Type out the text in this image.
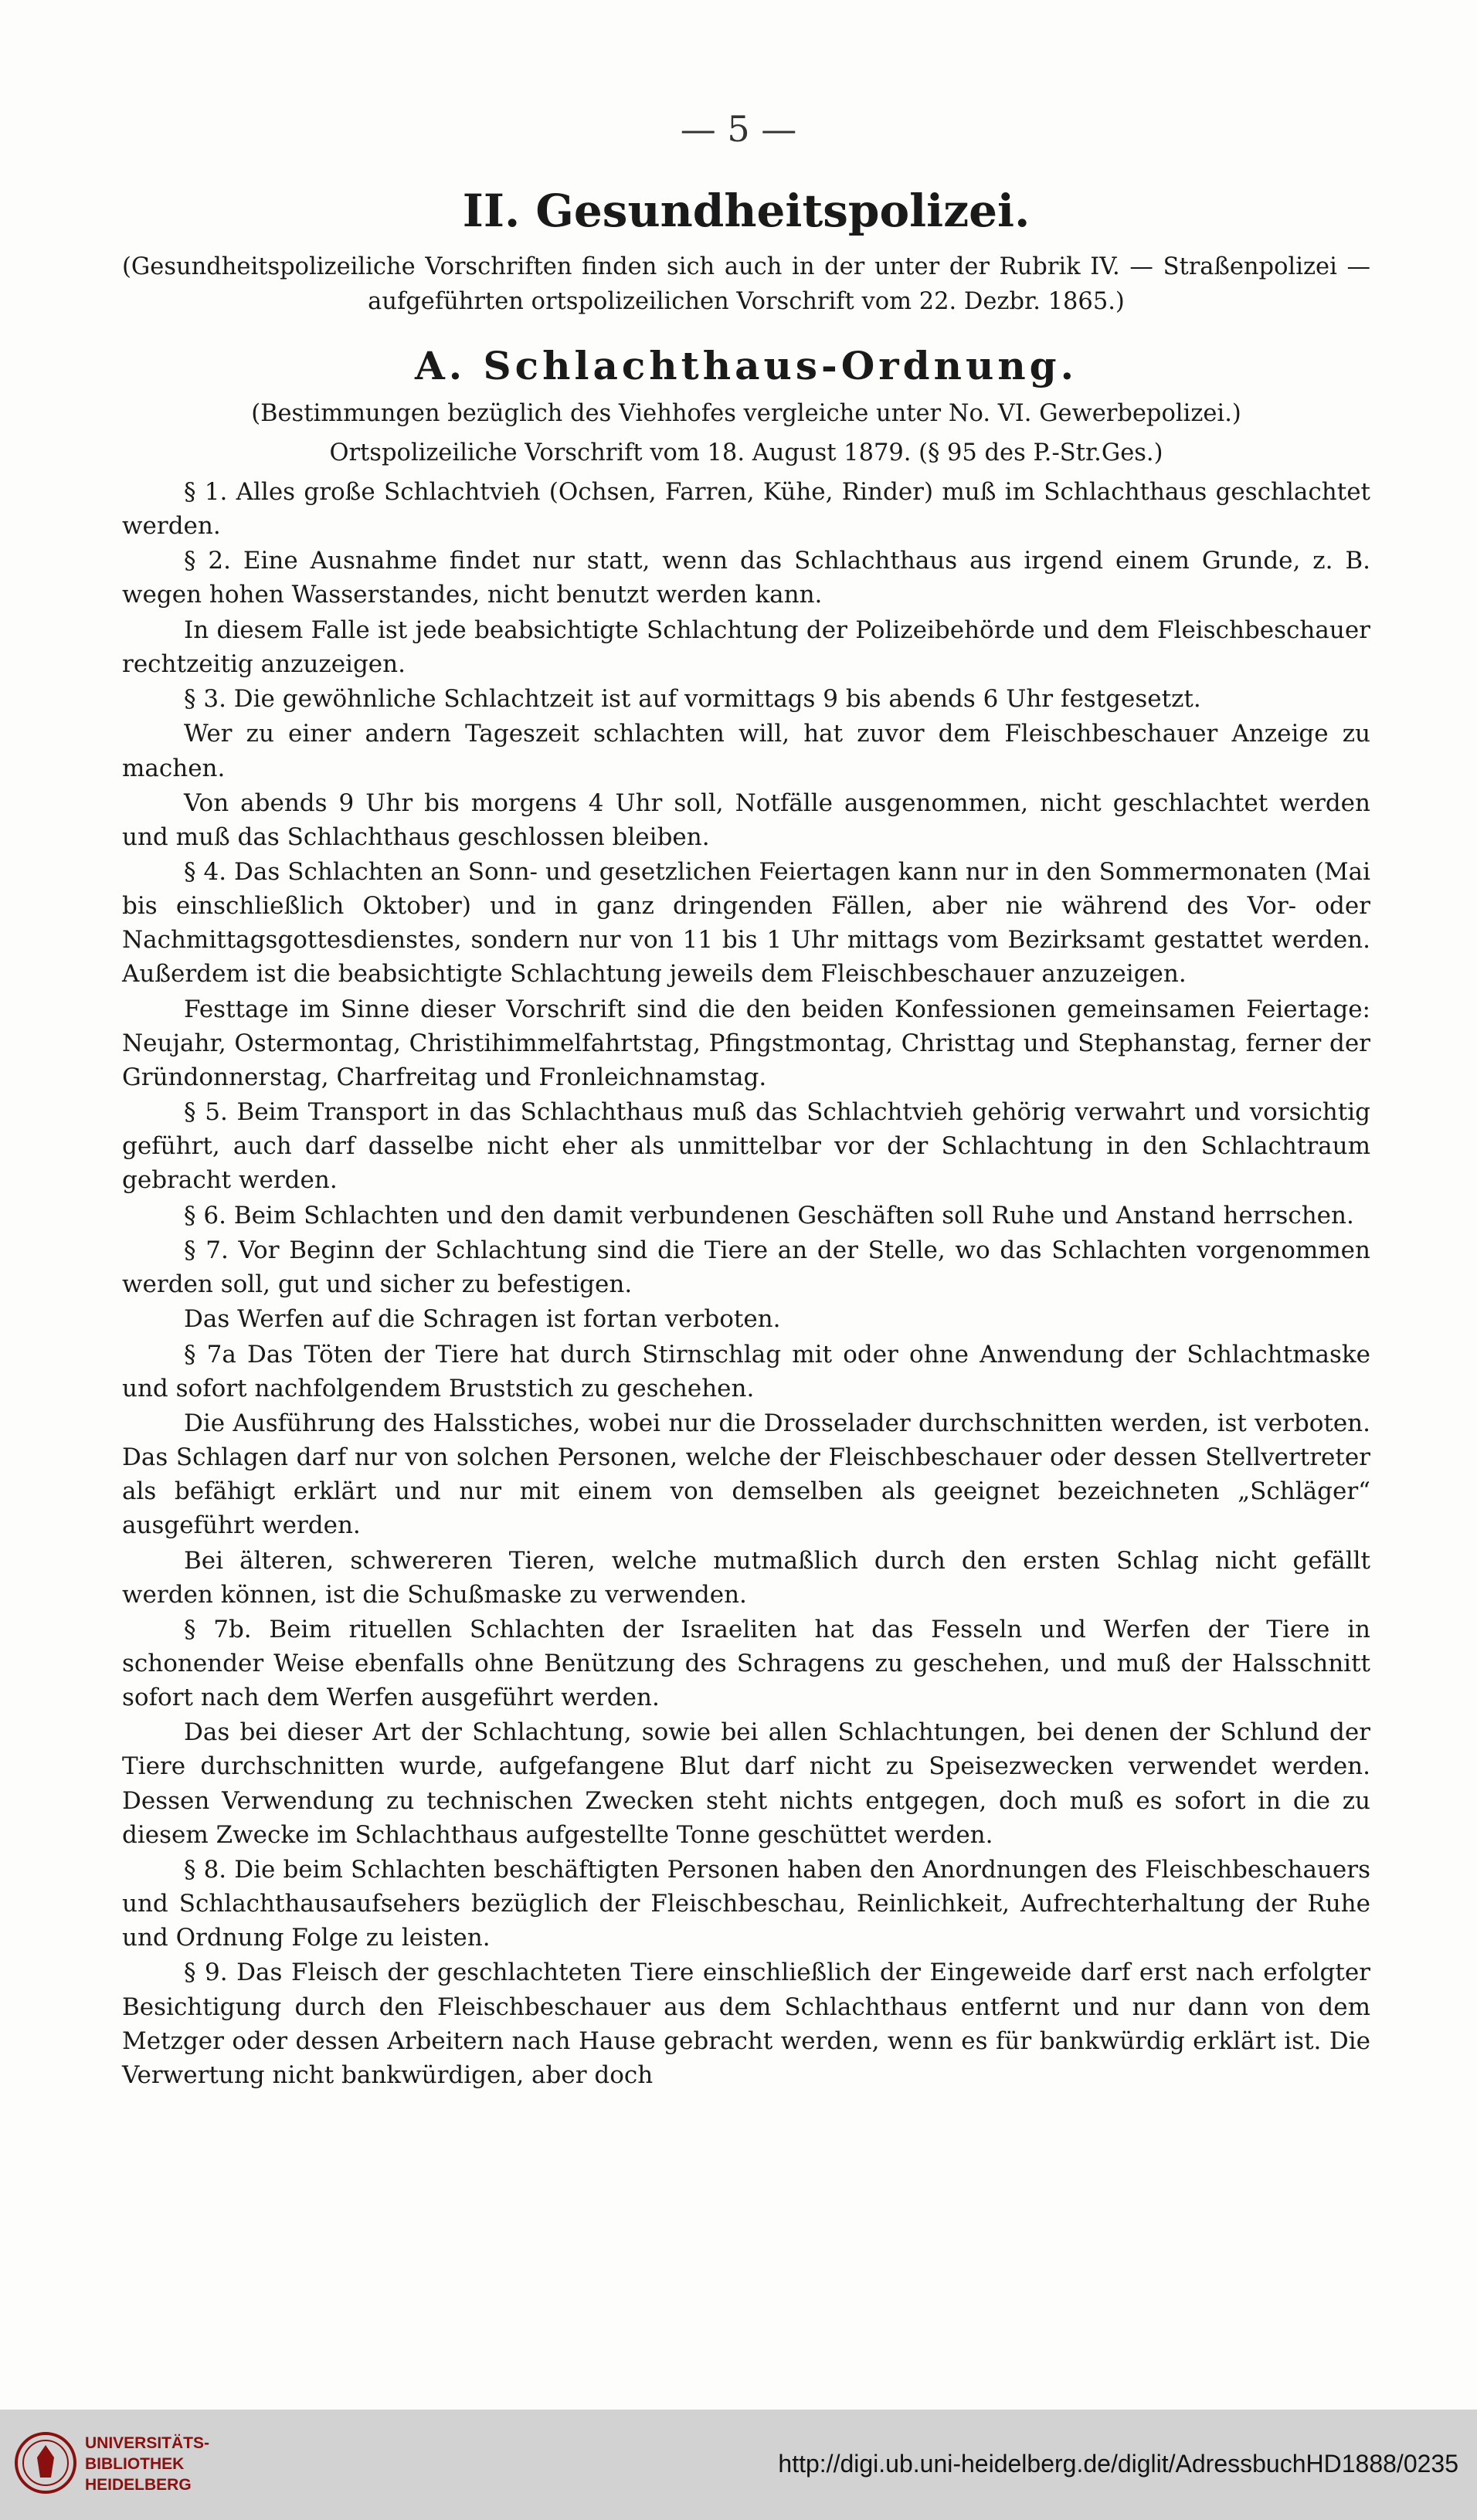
— 5 —
II. Gesundheitspolizei.

(Gesundheitspolizeiliche Vorschriften finden sich auch in der unter der Rubrik IV. — Straßenpolizei — aufgeführten ortspolizeilichen Vorschrift vom 22. Dezbr. 1865.)

A. Schlachthaus-Ordnung.
(Bestimmungen bezüglich des Viehhofes vergleiche unter No. VI. Gewerbepolizei.)
Ortspolizeiliche Vorschrift vom 18. August 1879. (§ 95 des P.-Str.Ges.)

§ 1. Alles große Schlachtvieh (Ochsen, Farren, Kühe, Rinder) muß im Schlachthaus geschlachtet werden.

§ 2. Eine Ausnahme findet nur statt, wenn das Schlachthaus aus irgend einem Grunde, z. B. wegen hohen Wasserstandes, nicht benutzt werden kann.

In diesem Falle ist jede beabsichtigte Schlachtung der Polizeibehörde und dem Fleischbeschauer rechtzeitig anzuzeigen.

§ 3. Die gewöhnliche Schlachtzeit ist auf vormittags 9 bis abends 6 Uhr festgesetzt.

Wer zu einer andern Tageszeit schlachten will, hat zuvor dem Fleischbeschauer Anzeige zu machen.

Von abends 9 Uhr bis morgens 4 Uhr soll, Notfälle ausgenommen, nicht geschlachtet werden und muß das Schlachthaus geschlossen bleiben.

§ 4. Das Schlachten an Sonn- und gesetzlichen Feiertagen kann nur in den Sommermonaten (Mai bis einschließlich Oktober) und in ganz dringenden Fällen, aber nie während des Vor- oder Nachmittagsgottesdienstes, sondern nur von 11 bis 1 Uhr mittags vom Bezirksamt gestattet werden. Außerdem ist die beabsichtigte Schlachtung jeweils dem Fleischbeschauer anzuzeigen.

Festtage im Sinne dieser Vorschrift sind die den beiden Konfessionen gemeinsamen Feiertage: Neujahr, Ostermontag, Christihimmelfahrtstag, Pfingstmontag, Christtag und Stephanstag, ferner der Gründonnerstag, Charfreitag und Fronleichnamstag.

§ 5. Beim Transport in das Schlachthaus muß das Schlachtvieh gehörig verwahrt und vorsichtig geführt, auch darf dasselbe nicht eher als unmittelbar vor der Schlachtung in den Schlachtraum gebracht werden.

§ 6. Beim Schlachten und den damit verbundenen Geschäften soll Ruhe und Anstand herrschen.

§ 7. Vor Beginn der Schlachtung sind die Tiere an der Stelle, wo das Schlachten vorgenommen werden soll, gut und sicher zu befestigen.

Das Werfen auf die Schragen ist fortan verboten.

§ 7a Das Töten der Tiere hat durch Stirnschlag mit oder ohne Anwendung der Schlachtmaske und sofort nachfolgendem Bruststich zu geschehen.

Die Ausführung des Halsstiches, wobei nur die Drosselader durchschnitten werden, ist verboten. Das Schlagen darf nur von solchen Personen, welche der Fleischbeschauer oder dessen Stellvertreter als befähigt erklärt und nur mit einem von demselben als geeignet bezeichneten „Schläger“ ausgeführt werden.

Bei älteren, schwereren Tieren, welche mutmaßlich durch den ersten Schlag nicht gefällt werden können, ist die Schußmaske zu verwenden.

§ 7b. Beim rituellen Schlachten der Israeliten hat das Fesseln und Werfen der Tiere in schonender Weise ebenfalls ohne Benützung des Schragens zu geschehen, und muß der Halsschnitt sofort nach dem Werfen ausgeführt werden.

Das bei dieser Art der Schlachtung, sowie bei allen Schlachtungen, bei denen der Schlund der Tiere durchschnitten wurde, aufgefangene Blut darf nicht zu Speisezwecken verwendet werden. Dessen Verwendung zu technischen Zwecken steht nichts entgegen, doch muß es sofort in die zu diesem Zwecke im Schlachthaus aufgestellte Tonne geschüttet werden.

§ 8. Die beim Schlachten beschäftigten Personen haben den Anordnungen des Fleischbeschauers und Schlachthausaufsehers bezüglich der Fleischbeschau, Reinlichkeit, Aufrechterhaltung der Ruhe und Ordnung Folge zu leisten.

§ 9. Das Fleisch der geschlachteten Tiere einschließlich der Eingeweide darf erst nach erfolgter Besichtigung durch den Fleischbeschauer aus dem Schlachthaus entfernt und nur dann von dem Metzger oder dessen Arbeitern nach Hause gebracht werden, wenn es für bankwürdig erklärt ist. Die Verwertung nicht bankwürdigen, aber doch

UNIVERSITÄTS-
BIBLIOTHEK
HEIDELBERG
http://digi.ub.uni-heidelberg.de/diglit/AdressbuchHD1888/0235
